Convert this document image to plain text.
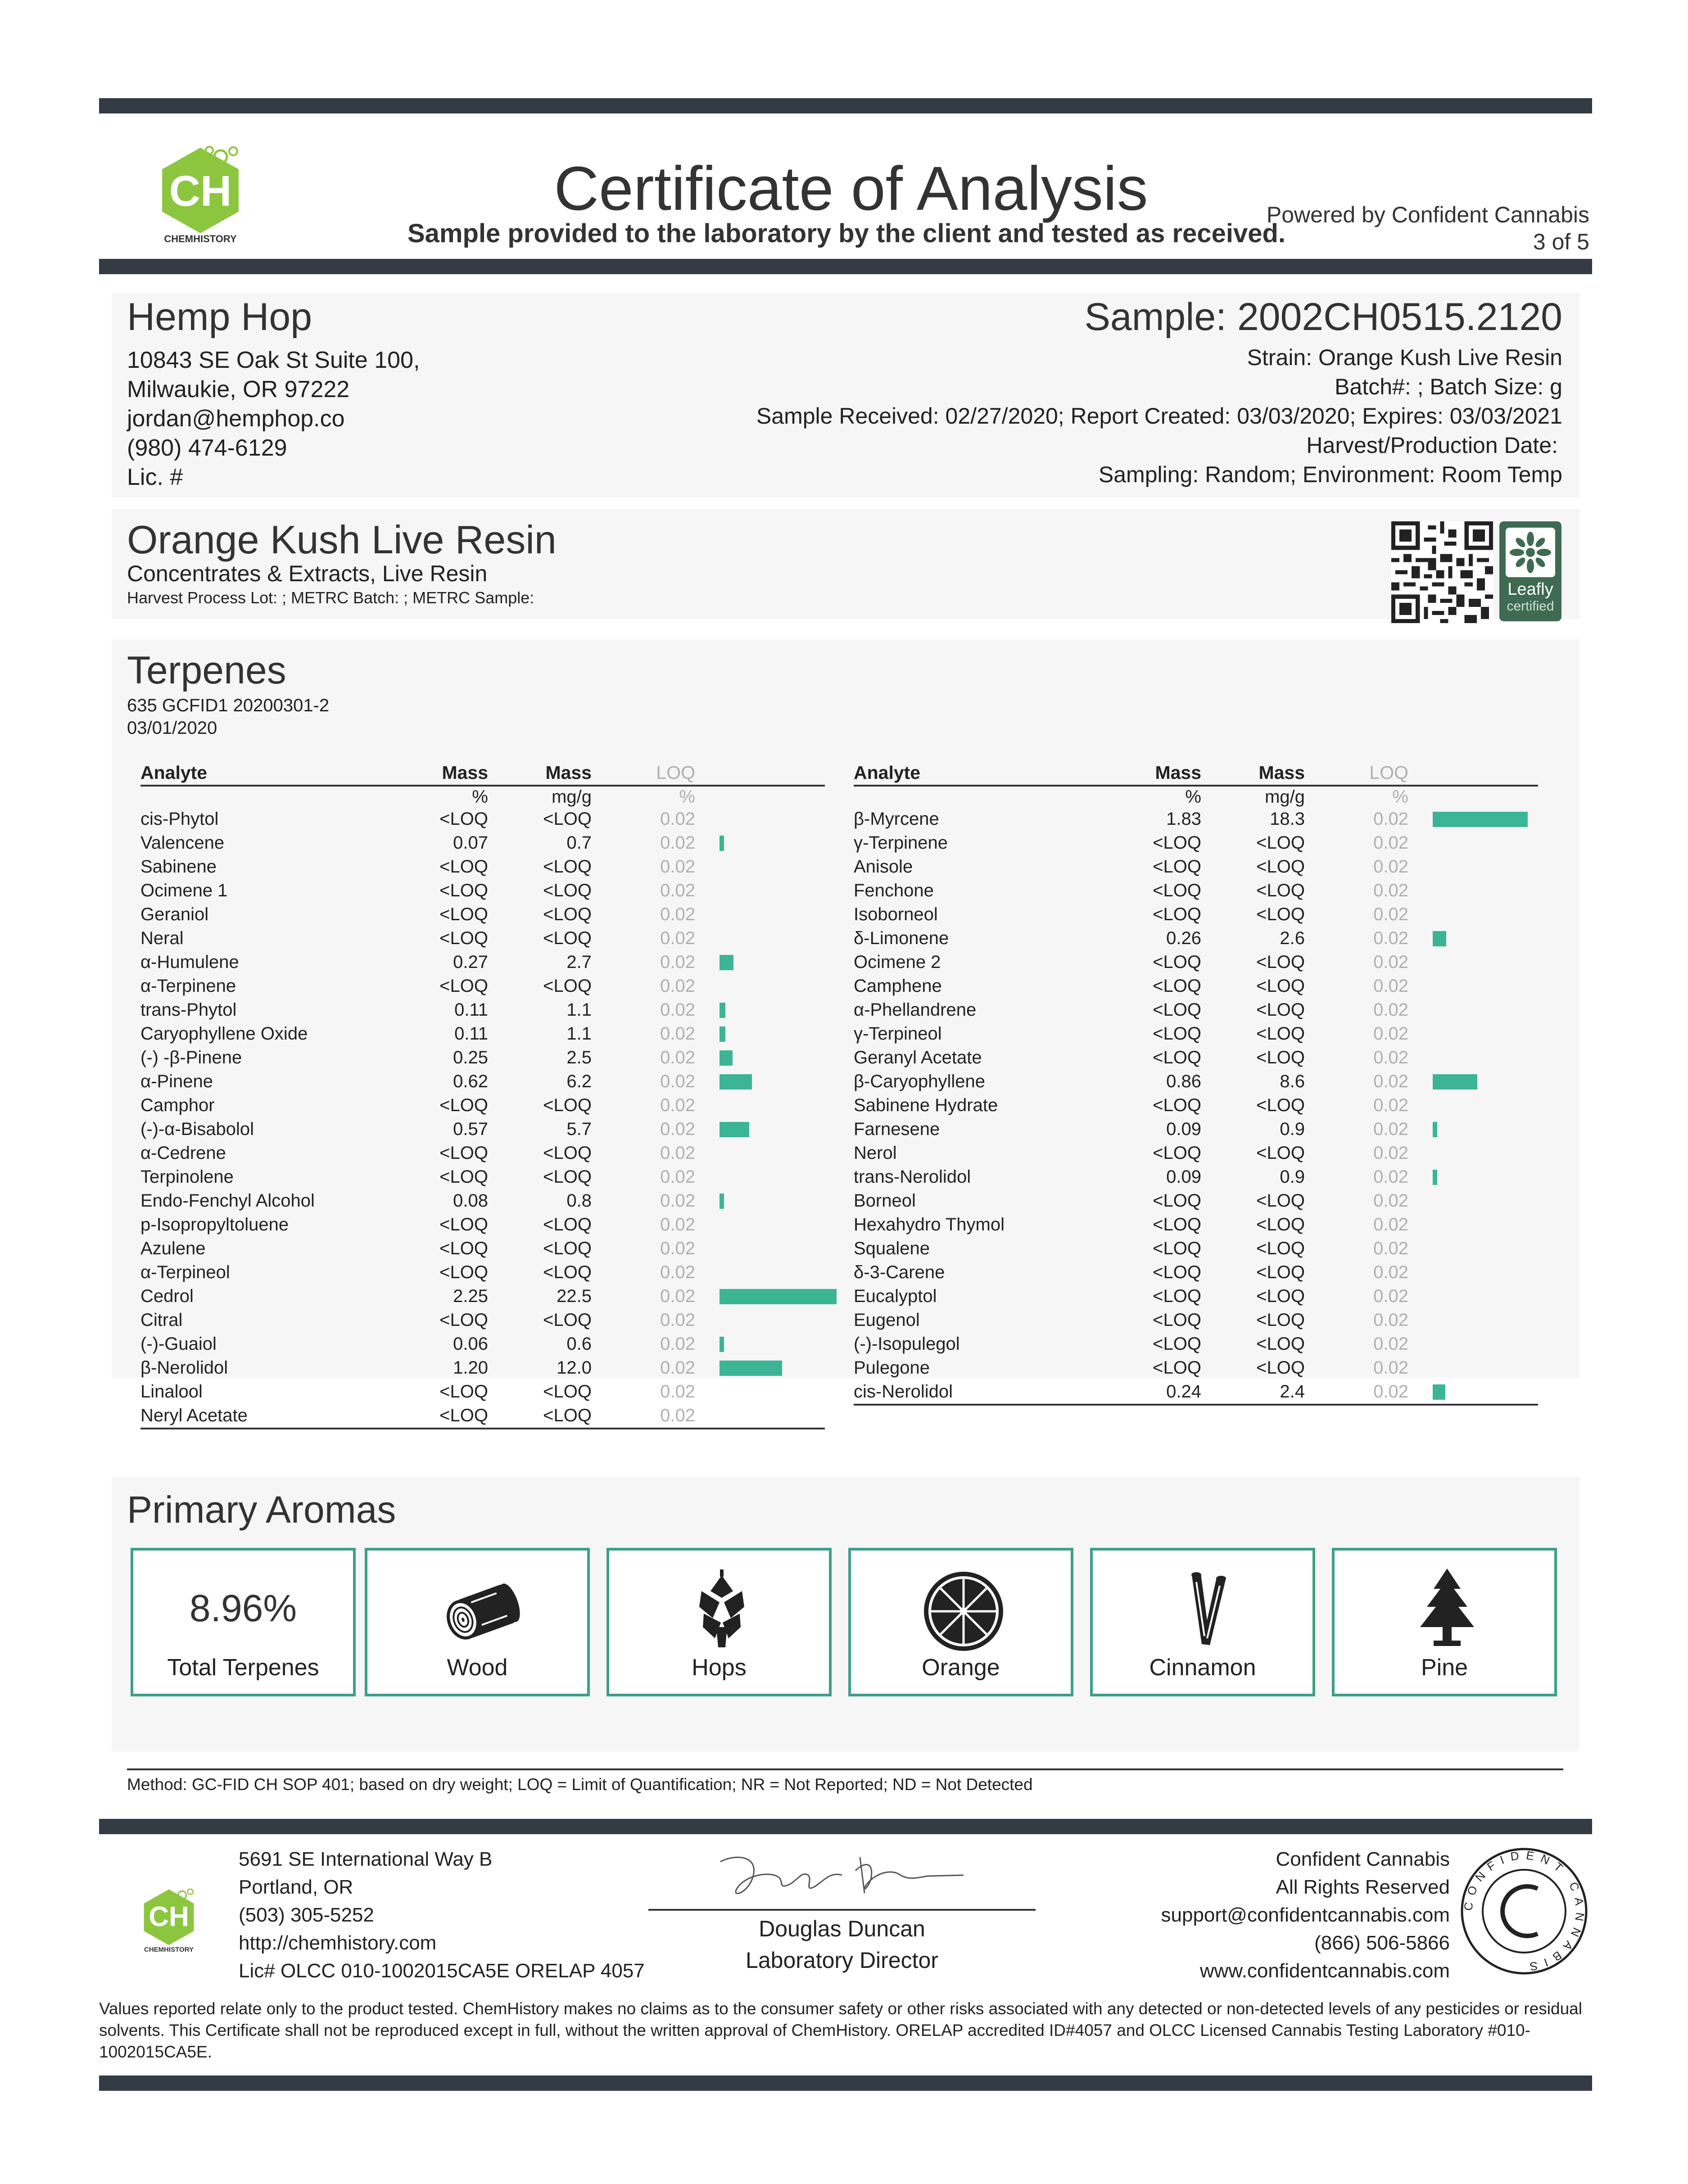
CH
CHEMHISTORY
Certificate of Analysis
Sample provided to the laboratory by the client and tested as received.
Powered by Confident Cannabis
3 of 5
Hemp Hop
10843 SE Oak St Suite 100,
Milwaukie, OR 97222
jordan@hemphop.co
(980) 474-6129
Lic. #
Sample: 2002CH0515.2120
Strain: Orange Kush Live Resin
Batch#: ; Batch Size: g
Sample Received: 02/27/2020; Report Created: 03/03/2020; Expires: 03/03/2021
Harvest/Production Date:
Sampling: Random; Environment: Room Temp
Orange Kush Live Resin
Concentrates & Extracts, Live Resin
Harvest Process Lot: ; METRC Batch: ; METRC Sample:	Leafly
certified
Terpenes
635 GCFID1 20200301-2
03/01/2020
Analyte	Mass	Mass	LOQ	
	%	mg/g	%	
cis-Phytol	<LOQ	<LOQ	0.02	
Valencene	0.07	0.7	0.02	

Sabinene	<LOQ	<LOQ	0.02	
Ocimene 1	<LOQ	<LOQ	0.02	
Geraniol	<LOQ	<LOQ	0.02	
Neral	<LOQ	<LOQ	0.02	
α-Humulene	0.27	2.7	0.02	

α-Terpinene	<LOQ	<LOQ	0.02	
trans-Phytol	0.11	1.1	0.02	

Caryophyllene Oxide	0.11	1.1	0.02	

(-) -β-Pinene	0.25	2.5	0.02	

α-Pinene	0.62	6.2	0.02	

Camphor	<LOQ	<LOQ	0.02	
(-)-α-Bisabolol	0.57	5.7	0.02	

α-Cedrene	<LOQ	<LOQ	0.02	
Terpinolene	<LOQ	<LOQ	0.02	
Endo-Fenchyl Alcohol	0.08	0.8	0.02	

p-Isopropyltoluene	<LOQ	<LOQ	0.02	
Azulene	<LOQ	<LOQ	0.02	
α-Terpineol	<LOQ	<LOQ	0.02	
Cedrol	2.25	22.5	0.02	

Citral	<LOQ	<LOQ	0.02	
(-)-Guaiol	0.06	0.6	0.02	

β-Nerolidol	1.20	12.0	0.02	

Linalool	<LOQ	<LOQ	0.02	
Neryl Acetate	<LOQ	<LOQ	0.02	
Analyte	Mass	Mass	LOQ	
	%	mg/g	%	
β-Myrcene	1.83	18.3	0.02	

γ-Terpinene	<LOQ	<LOQ	0.02	
Anisole	<LOQ	<LOQ	0.02	
Fenchone	<LOQ	<LOQ	0.02	
Isoborneol	<LOQ	<LOQ	0.02	
δ-Limonene	0.26	2.6	0.02	

Ocimene 2	<LOQ	<LOQ	0.02	
Camphene	<LOQ	<LOQ	0.02	
α-Phellandrene	<LOQ	<LOQ	0.02	
γ-Terpineol	<LOQ	<LOQ	0.02	
Geranyl Acetate	<LOQ	<LOQ	0.02	
β-Caryophyllene	0.86	8.6	0.02	

Sabinene Hydrate	<LOQ	<LOQ	0.02	
Farnesene	0.09	0.9	0.02	

Nerol	<LOQ	<LOQ	0.02	
trans-Nerolidol	0.09	0.9	0.02	

Borneol	<LOQ	<LOQ	0.02	
Hexahydro Thymol	<LOQ	<LOQ	0.02	
Squalene	<LOQ	<LOQ	0.02	
δ-3-Carene	<LOQ	<LOQ	0.02	
Eucalyptol	<LOQ	<LOQ	0.02	
Eugenol	<LOQ	<LOQ	0.02	
(-)-Isopulegol	<LOQ	<LOQ	0.02	
Pulegone	<LOQ	<LOQ	0.02	
cis-Nerolidol	0.24	2.4	0.02	
Primary Aromas
8.96%
Total Terpenes	Wood	Hops	Orange	Cinnamon	Pine
Method: GC-FID CH SOP 401; based on dry weight; LOQ = Limit of Quantification; NR = Not Reported; ND = Not Detected
CH
CHEMHISTORY
5691 SE International Way B
Portland, OR
(503) 305-5252
http://chemhistory.com
Lic# OLCC 010-1002015CA5E ORELAP 4057
Douglas Duncan
Laboratory Director
Confident Cannabis
All Rights Reserved
support@confidentcannabis.com
(866) 506-5866
www.confidentcannabis.com
CONFIDENT CANNABIS
Values reported relate only to the product tested. ChemHistory makes no claims as to the consumer safety or other risks associated with any detected or non-detected levels of any pesticides or residual solvents. This Certificate shall not be reproduced except in full, without the written approval of ChemHistory. ORELAP accredited ID#4057 and OLCC Licensed Cannabis Testing Laboratory #010-1002015CA5E.
